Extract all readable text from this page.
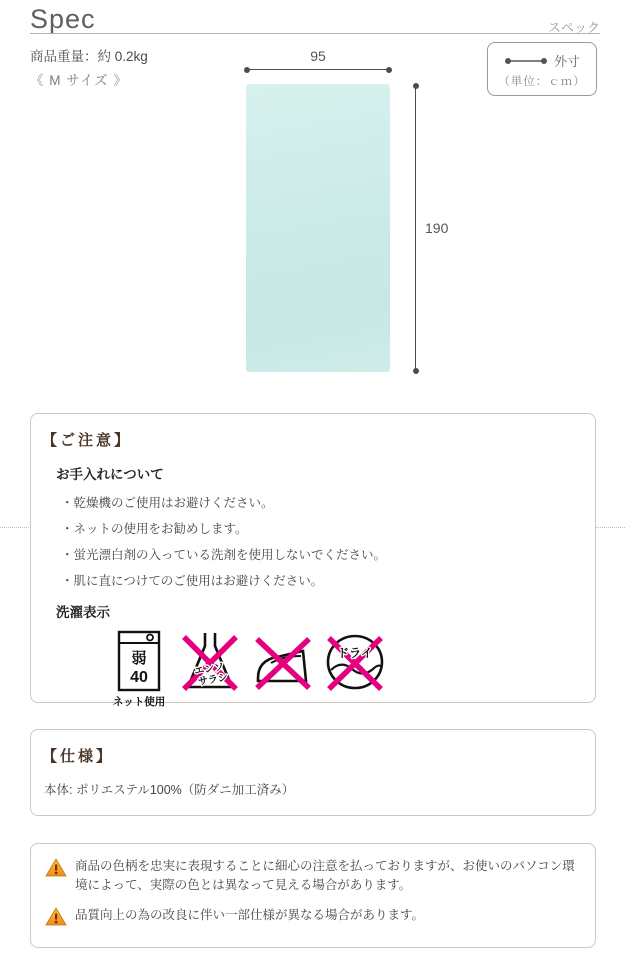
Spec	スペック
商品重量：約 0.2kg
《 M サイズ 》
外寸
（単位：ｃｍ）
95
190
【ご注意】
お手入れについて
・乾燥機のご使用はお避けください。
・ネットの使用をお勧めします。
・蛍光漂白剤の入っている洗剤を使用しないでください。
・肌に直につけてのご使用はお避けください。
洗濯表示
弱
40
ネット使用
エンソ
サラシ
ドライ
【仕様】
本体: ポリエステル100%（防ダニ加工済み）
商品の色柄を忠実に表現することに細心の注意を払っておりますが、お使いのパソコン環境によって、実際の色とは異なって見える場合があります。
品質向上の為の改良に伴い一部仕様が異なる場合があります。
